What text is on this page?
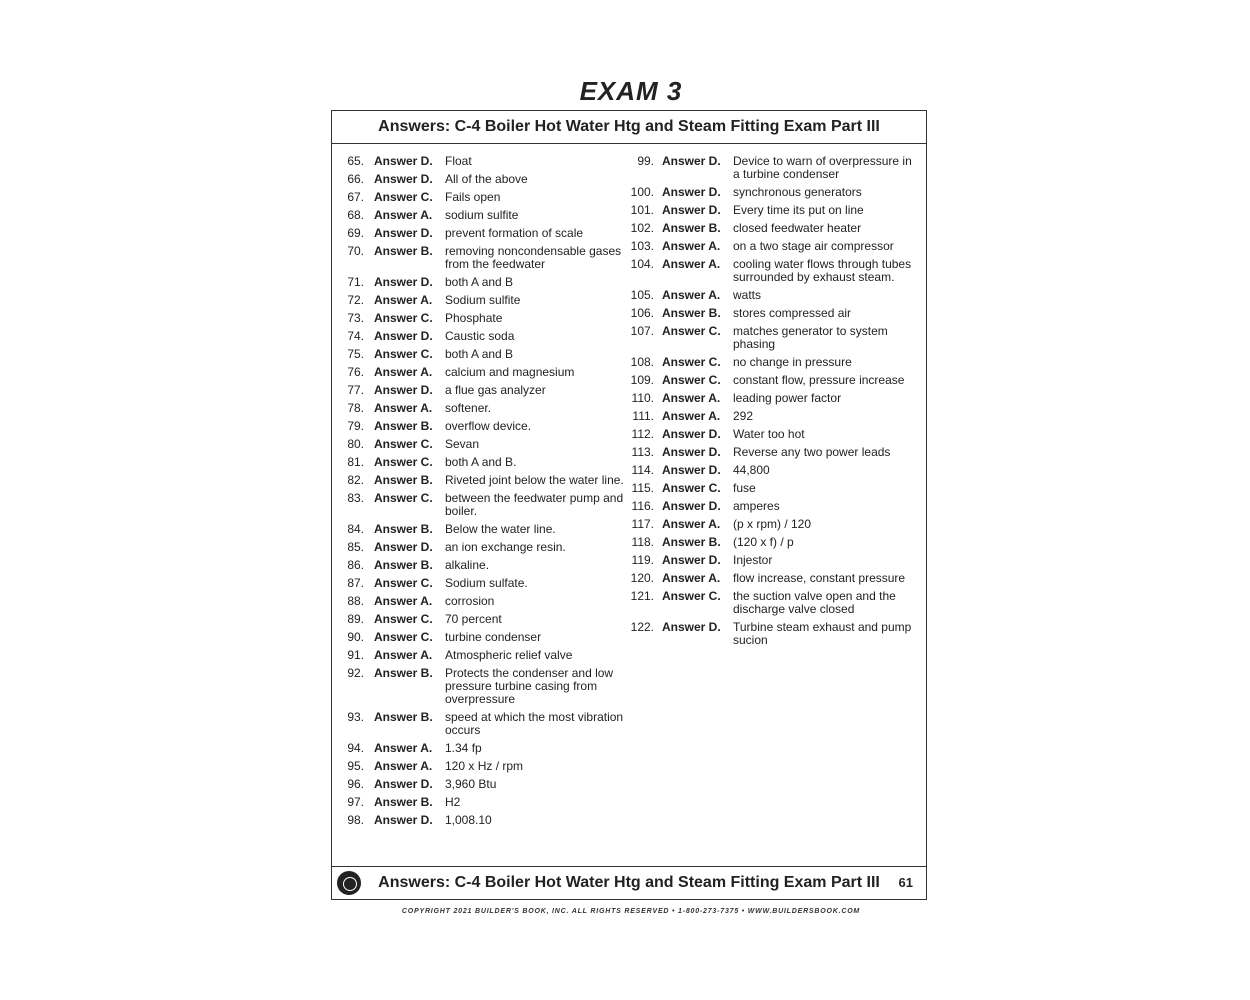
EXAM 3
Answers: C-4 Boiler Hot Water Htg and Steam Fitting Exam Part III
65. Answer D. Float
66. Answer D. All of the above
67. Answer C. Fails open
68. Answer A. sodium sulfite
69. Answer D. prevent formation of scale
70. Answer B. removing noncondensable gases from the feedwater
71. Answer D. both A and B
72. Answer A. Sodium sulfite
73. Answer C. Phosphate
74. Answer D. Caustic soda
75. Answer C. both A and B
76. Answer A. calcium and magnesium
77. Answer D. a flue gas analyzer
78. Answer A. softener.
79. Answer B. overflow device.
80. Answer C. Sevan
81. Answer C. both A and B.
82. Answer B. Riveted joint below the water line.
83. Answer C. between the feedwater pump and boiler.
84. Answer B. Below the water line.
85. Answer D. an ion exchange resin.
86. Answer B. alkaline.
87. Answer C. Sodium sulfate.
88. Answer A. corrosion
89. Answer C. 70 percent
90. Answer C. turbine condenser
91. Answer A. Atmospheric relief valve
92. Answer B. Protects the condenser and low pressure turbine casing from overpressure
93. Answer B. speed at which the most vibration occurs
94. Answer A. 1.34 fp
95. Answer A. 120 x Hz / rpm
96. Answer D. 3,960 Btu
97. Answer B. H2
98. Answer D. 1,008.10
99. Answer D. Device to warn of overpressure in a turbine condenser
100. Answer D. synchronous generators
101. Answer D. Every time its put on line
102. Answer B. closed feedwater heater
103. Answer A. on a two stage air compressor
104. Answer A. cooling water flows through tubes surrounded by exhaust steam.
105. Answer A. watts
106. Answer B. stores compressed air
107. Answer C. matches generator to system phasing
108. Answer C. no change in pressure
109. Answer C. constant flow, pressure increase
110. Answer A. leading power factor
111. Answer A. 292
112. Answer D. Water too hot
113. Answer D. Reverse any two power leads
114. Answer D. 44,800
115. Answer C. fuse
116. Answer D. amperes
117. Answer A. (p x rpm) / 120
118. Answer B. (120 x f) / p
119. Answer D. Injestor
120. Answer A. flow increase, constant pressure
121. Answer C. the suction valve open and the discharge valve closed
122. Answer D. Turbine steam exhaust and pump sucion
Answers: C-4 Boiler Hot Water Htg and Steam Fitting Exam Part III	61
COPYRIGHT 2021 BUILDER'S BOOK, INC. ALL RIGHTS RESERVED • 1-800-273-7375 • WWW.BUILDERSBOOK.COM
